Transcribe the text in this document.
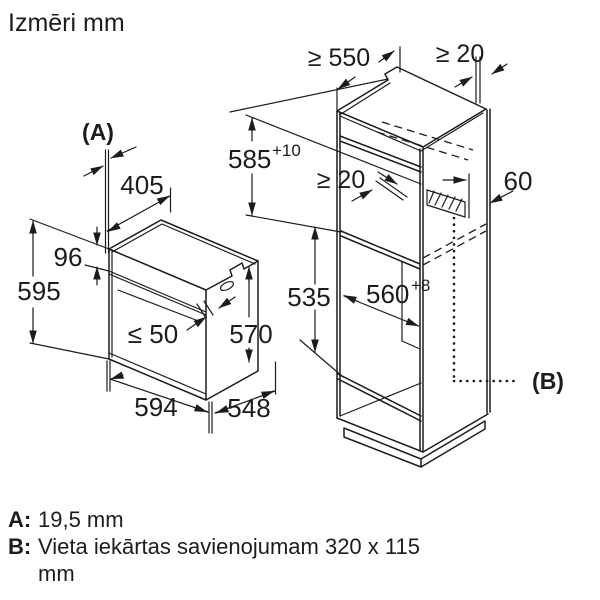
Izmēri mm
(A)
405
96
595
≤ 50 570
594 548
≥ 550	≥ 20
585 +10
≥ 20	60
535 560 +8
(B)
A: 19,5 mm
B: Vieta iekārtas savienojumam 320 x 115
mm
